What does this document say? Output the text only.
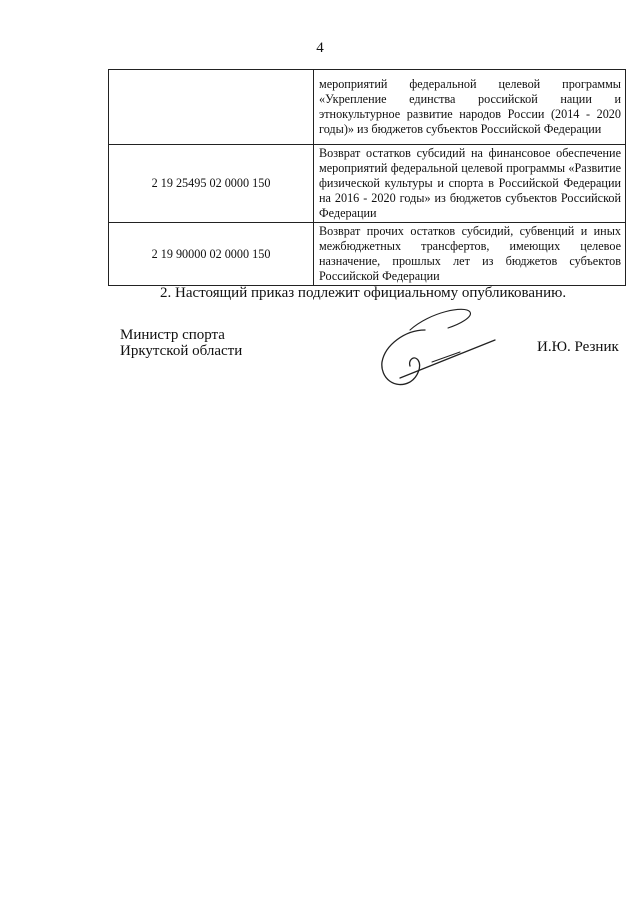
4
	мероприятий федеральной целевой программы «Укрепление единства российской нации и этнокультурное развитие народов России (2014 - 2020 годы)» из бюджетов субъектов Российской Федерации
2 19 25495 02 0000 150	Возврат остатков субсидий на финансовое обеспечение мероприятий федеральной целевой программы «Развитие физической культуры и спорта в Российской Федерации на 2016 - 2020 годы» из бюджетов субъектов Российской Федерации
2 19 90000 02 0000 150	Возврат прочих остатков субсидий, субвенций и иных межбюджетных трансфертов, имеющих целевое назначение, прошлых лет из бюджетов субъектов Российской Федерации
2. Настоящий приказ подлежит официальному опубликованию.
Министр спорта
Иркутской области	И.Ю. Резник
